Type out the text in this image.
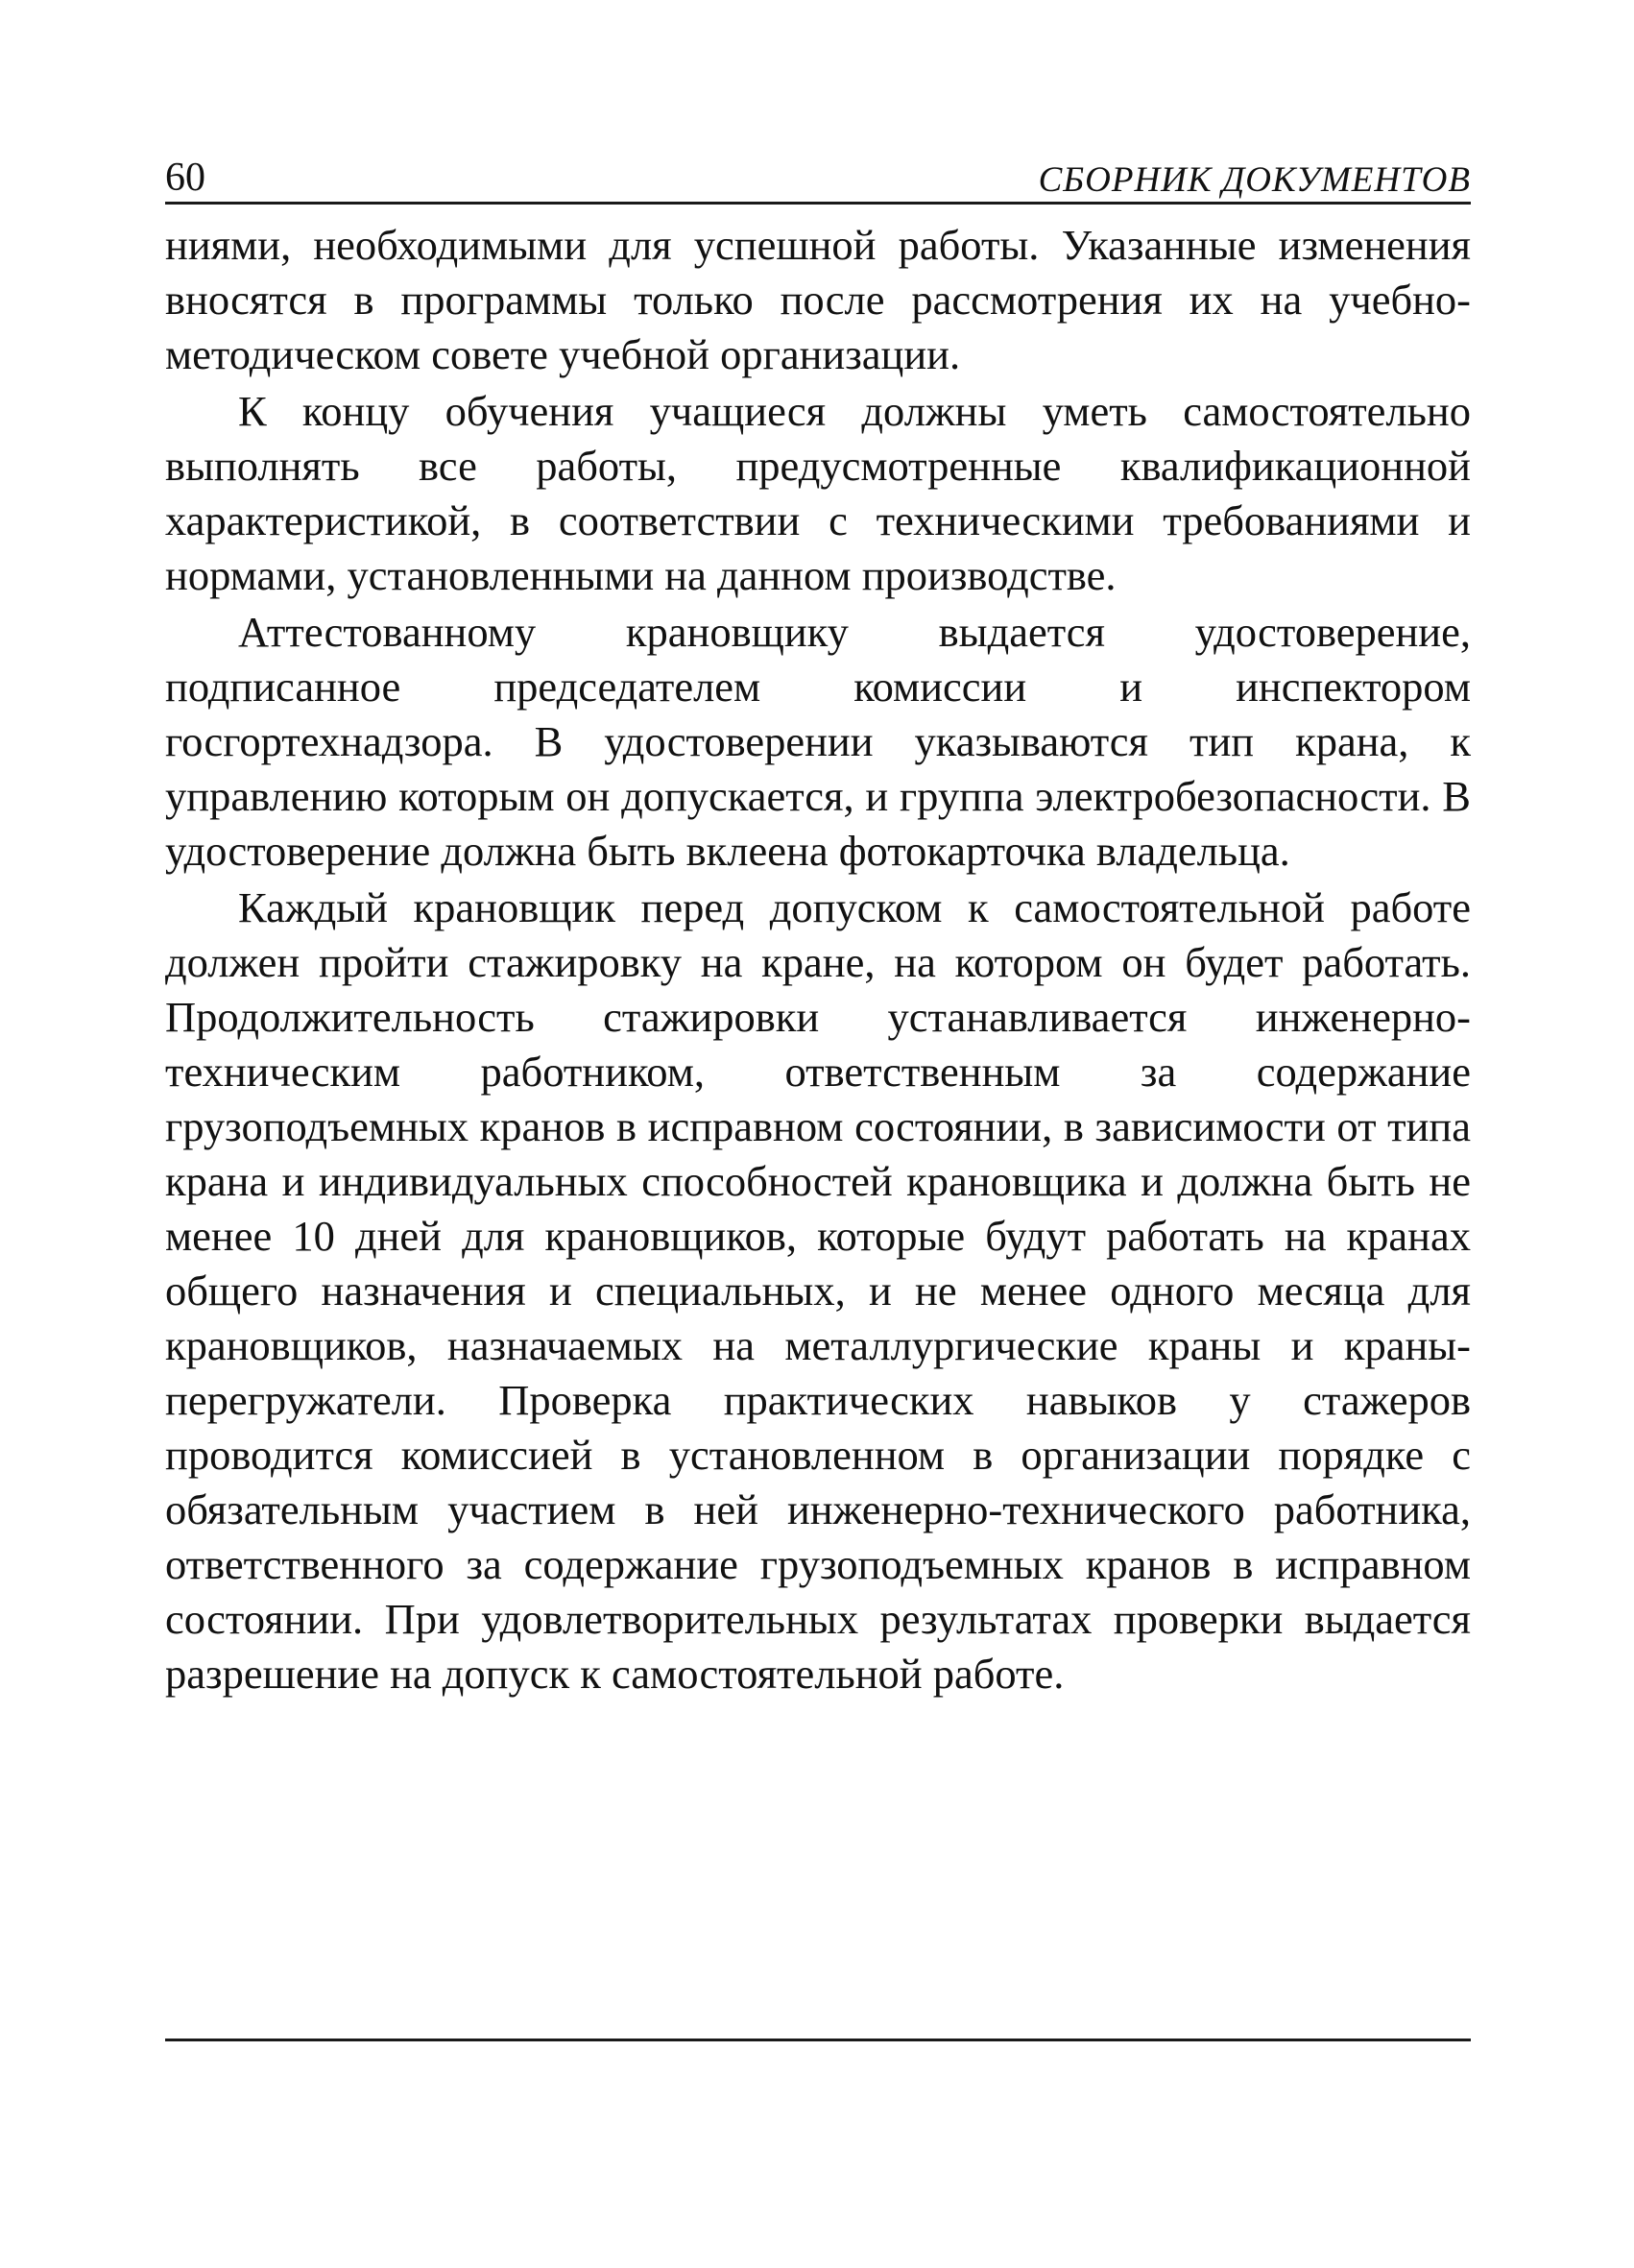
60	СБОРНИК ДОКУМЕНТОВ

ниями, необходимыми для успешной работы. Указанные изменения вносятся в программы только после рассмотрения их на учебно-методическом совете учебной организации.

К концу обучения учащиеся должны уметь самостоятельно выполнять все работы, предусмотренные квалификационной характеристикой, в соответствии с техническими требованиями и нормами, установленными на данном производстве.

Аттестованному крановщику выдается удостоверение, подписанное председателем комиссии и инспектором госгортехнадзора. В удостоверении указываются тип крана, к управлению которым он допускается, и группа электробезопасности. В удостоверение должна быть вклеена фотокарточка владельца.

Каждый крановщик перед допуском к самостоятельной работе должен пройти стажировку на кране, на котором он будет работать. Продолжительность стажировки устанавливается инженерно-техническим работником, ответственным за содержание грузоподъемных кранов в исправном состоянии, в зависимости от типа крана и индивидуальных способностей крановщика и должна быть не менее 10 дней для крановщиков, которые будут работать на кранах общего назначения и специальных, и не менее одного месяца для крановщиков, назначаемых на металлургические краны и краны-перегружатели. Проверка практических навыков у стажеров проводится комиссией в установленном в организации порядке с обязательным участием в ней инженерно-технического работника, ответственного за содержание грузоподъемных кранов в исправном состоянии. При удовлетворительных результатах проверки выдается разрешение на допуск к самостоятельной работе.
